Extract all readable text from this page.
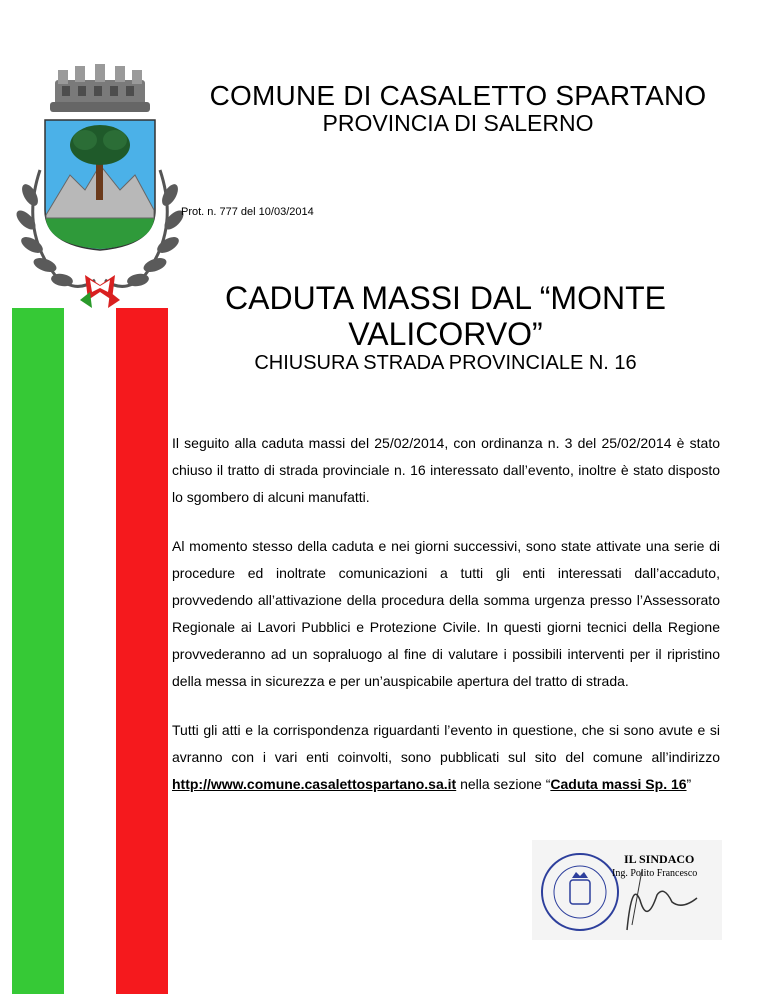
COMUNE DI CASALETTO SPARTANO
PROVINCIA DI SALERNO
Prot. n. 777 del 10/03/2014
CADUTA MASSI DAL “MONTE VALICORVO”
CHIUSURA STRADA PROVINCIALE N. 16

Il seguito alla caduta massi del 25/02/2014, con ordinanza n. 3 del 25/02/2014 è stato chiuso il tratto di strada provinciale n. 16 interessato dall’evento, inoltre è stato disposto lo sgombero di alcuni manufatti.

Al momento stesso della caduta e nei giorni successivi, sono state attivate una serie di procedure ed inoltrate comunicazioni a tutti gli enti interessati dall’accaduto, provvedendo all’attivazione della procedura della somma urgenza presso l’Assessorato Regionale ai Lavori Pubblici e Protezione Civile. In questi giorni tecnici della Regione provvederanno ad un sopraluogo al fine di valutare i possibili interventi per il ripristino della messa in sicurezza e per un’auspicabile apertura del tratto di strada.

Tutti gli atti e la corrispondenza riguardanti l’evento in questione, che si sono avute e si avranno con i vari enti coinvolti, sono pubblicati sul sito del comune all’indirizzo http://www.comune.casalettospartano.sa.it nella sezione “Caduta massi Sp. 16”

IL SINDACO
Ing. Polito Francesco
